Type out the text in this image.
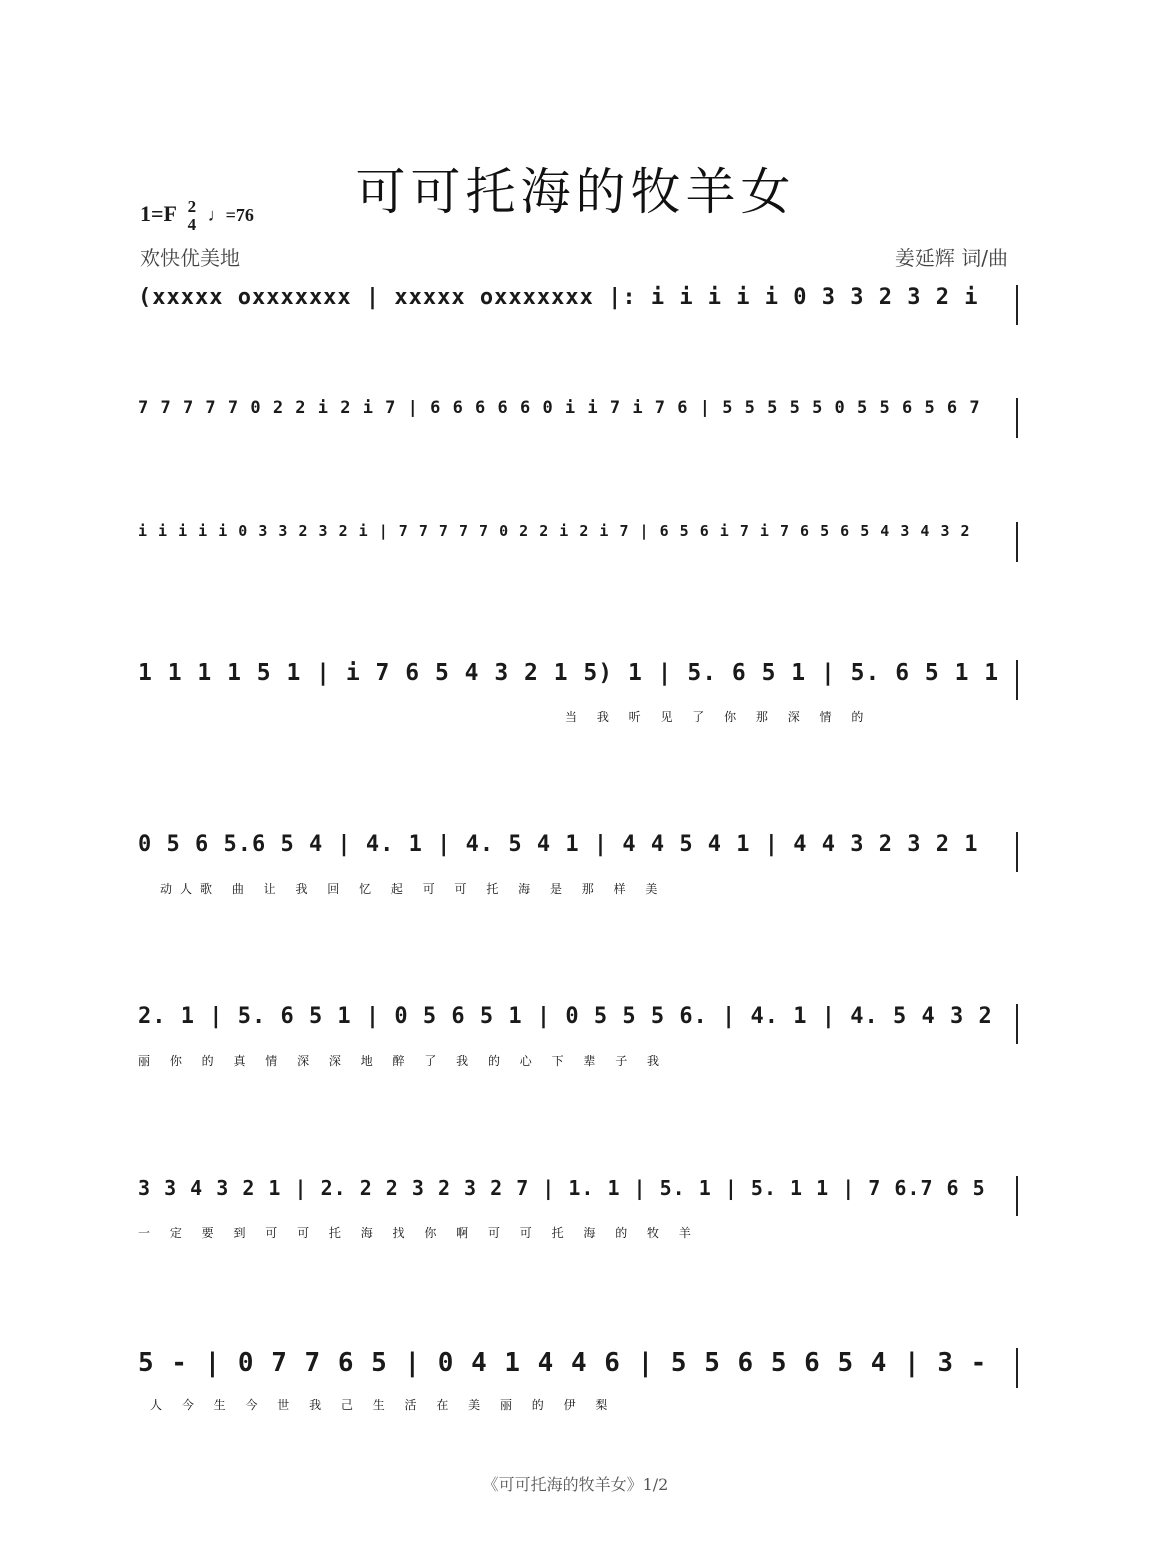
可可托海的牧羊女
1=F 2
4 ♩=76
欢快优美地	姜延辉 词/曲
(xxxxx oxxxxxxx | xxxxx oxxxxxxx |: i i i i i 0 3 3 2 3 2 i
7 7 7 7 7 0 2 2 i 2 i 7 | 6 6 6 6 6 0 i i 7 i 7 6 | 5 5 5 5 5 0 5 5 6 5 6 7
i i i i i 0 3 3 2 3 2 i | 7 7 7 7 7 0 2 2 i 2 i 7 | 6 5 6 i 7 i 7 6 5 6 5 4 3 4 3 2
1 1 1 1 5 1 | i 7 6 5 4 3 2 1 5) 1 | 5. 6 5 1 | 5. 6 5 1 1
当 我 听 见 了 你 那 深 情 的
0 5 6 5.6 5 4 | 4. 1 | 4. 5 4 1 | 4 4 5 4 1 | 4 4 3 2 3 2 1
动人歌 曲 让 我 回 忆 起 可 可 托 海 是 那 样 美
2. 1 | 5. 6 5 1 | 0 5 6 5 1 | 0 5 5 5 6. | 4. 1 | 4. 5 4 3 2
丽 你 的 真 情 深 深 地 醉 了 我 的 心 下 辈 子 我
3 3 4 3 2 1 | 2. 2 2 3 2 3 2 7 | 1. 1 | 5. 1 | 5. 1 1 | 7 6.7 6 5
一 定 要 到 可 可 托 海 找 你 啊 可 可 托 海 的 牧 羊
5 - | 0 7 7 6 5 | 0 4 1 4 4 6 | 5 5 6 5 6 5 4 | 3 -
人 今 生 今 世 我 己 生 活 在 美 丽 的 伊 梨
《可可托海的牧羊女》1/2
